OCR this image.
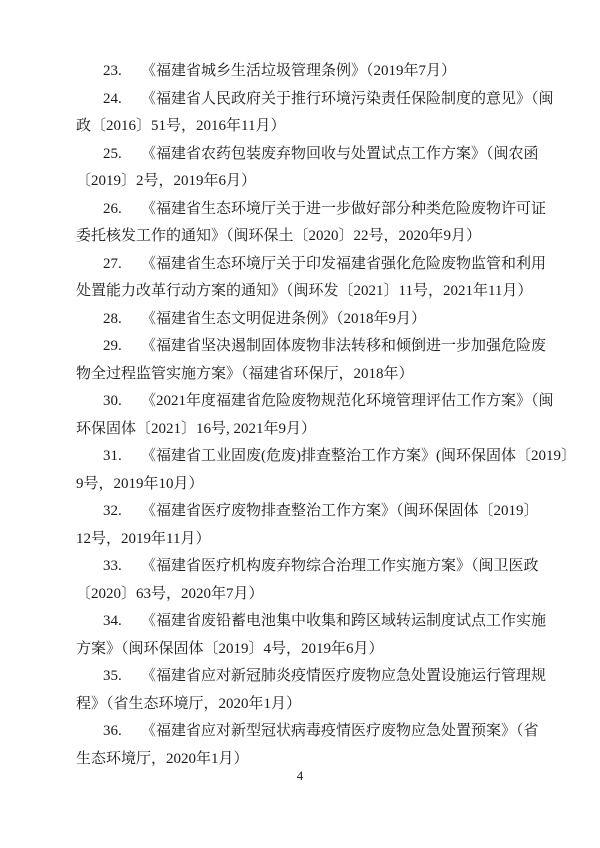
23.	《福建省城乡生活垃圾管理条例》（2019年7月）
24.	《福建省人民政府关于推行环境污染责任保险制度的意见》（闽
政〔2016〕51号，2016年11月）
25.	《福建省农药包装废弃物回收与处置试点工作方案》（闽农函
〔2019〕2号，2019年6月）
26.	《福建省生态环境厅关于进一步做好部分种类危险废物许可证
委托核发工作的通知》（闽环保土〔2020〕22号，2020年9月）
27.	《福建省生态环境厅关于印发福建省强化危险废物监管和利用
处置能力改革行动方案的通知》（闽环发〔2021〕11号，2021年11月）
28.	《福建省生态文明促进条例》（2018年9月）
29.	《福建省坚决遏制固体废物非法转移和倾倒进一步加强危险废
物全过程监管实施方案》（福建省环保厅，2018年）
30.	《2021年度福建省危险废物规范化环境管理评估工作方案》（闽
环保固体〔2021〕16号, 2021年9月）
31.	《福建省工业固废(危废)排查整治工作方案》(闽环保固体〔2019〕
9号，2019年10月）
32.	《福建省医疗废物排查整治工作方案》（闽环保固体〔2019〕
12号，2019年11月）
33.	《福建省医疗机构废弃物综合治理工作实施方案》（闽卫医政
〔2020〕63号，2020年7月）
34.	《福建省废铅蓄电池集中收集和跨区域转运制度试点工作实施
方案》（闽环保固体〔2019〕4号，2019年6月）
35.	《福建省应对新冠肺炎疫情医疗废物应急处置设施运行管理规
程》（省生态环境厅，2020年1月）
36.	《福建省应对新型冠状病毒疫情医疗废物应急处置预案》（省
生态环境厅，2020年1月）
4
